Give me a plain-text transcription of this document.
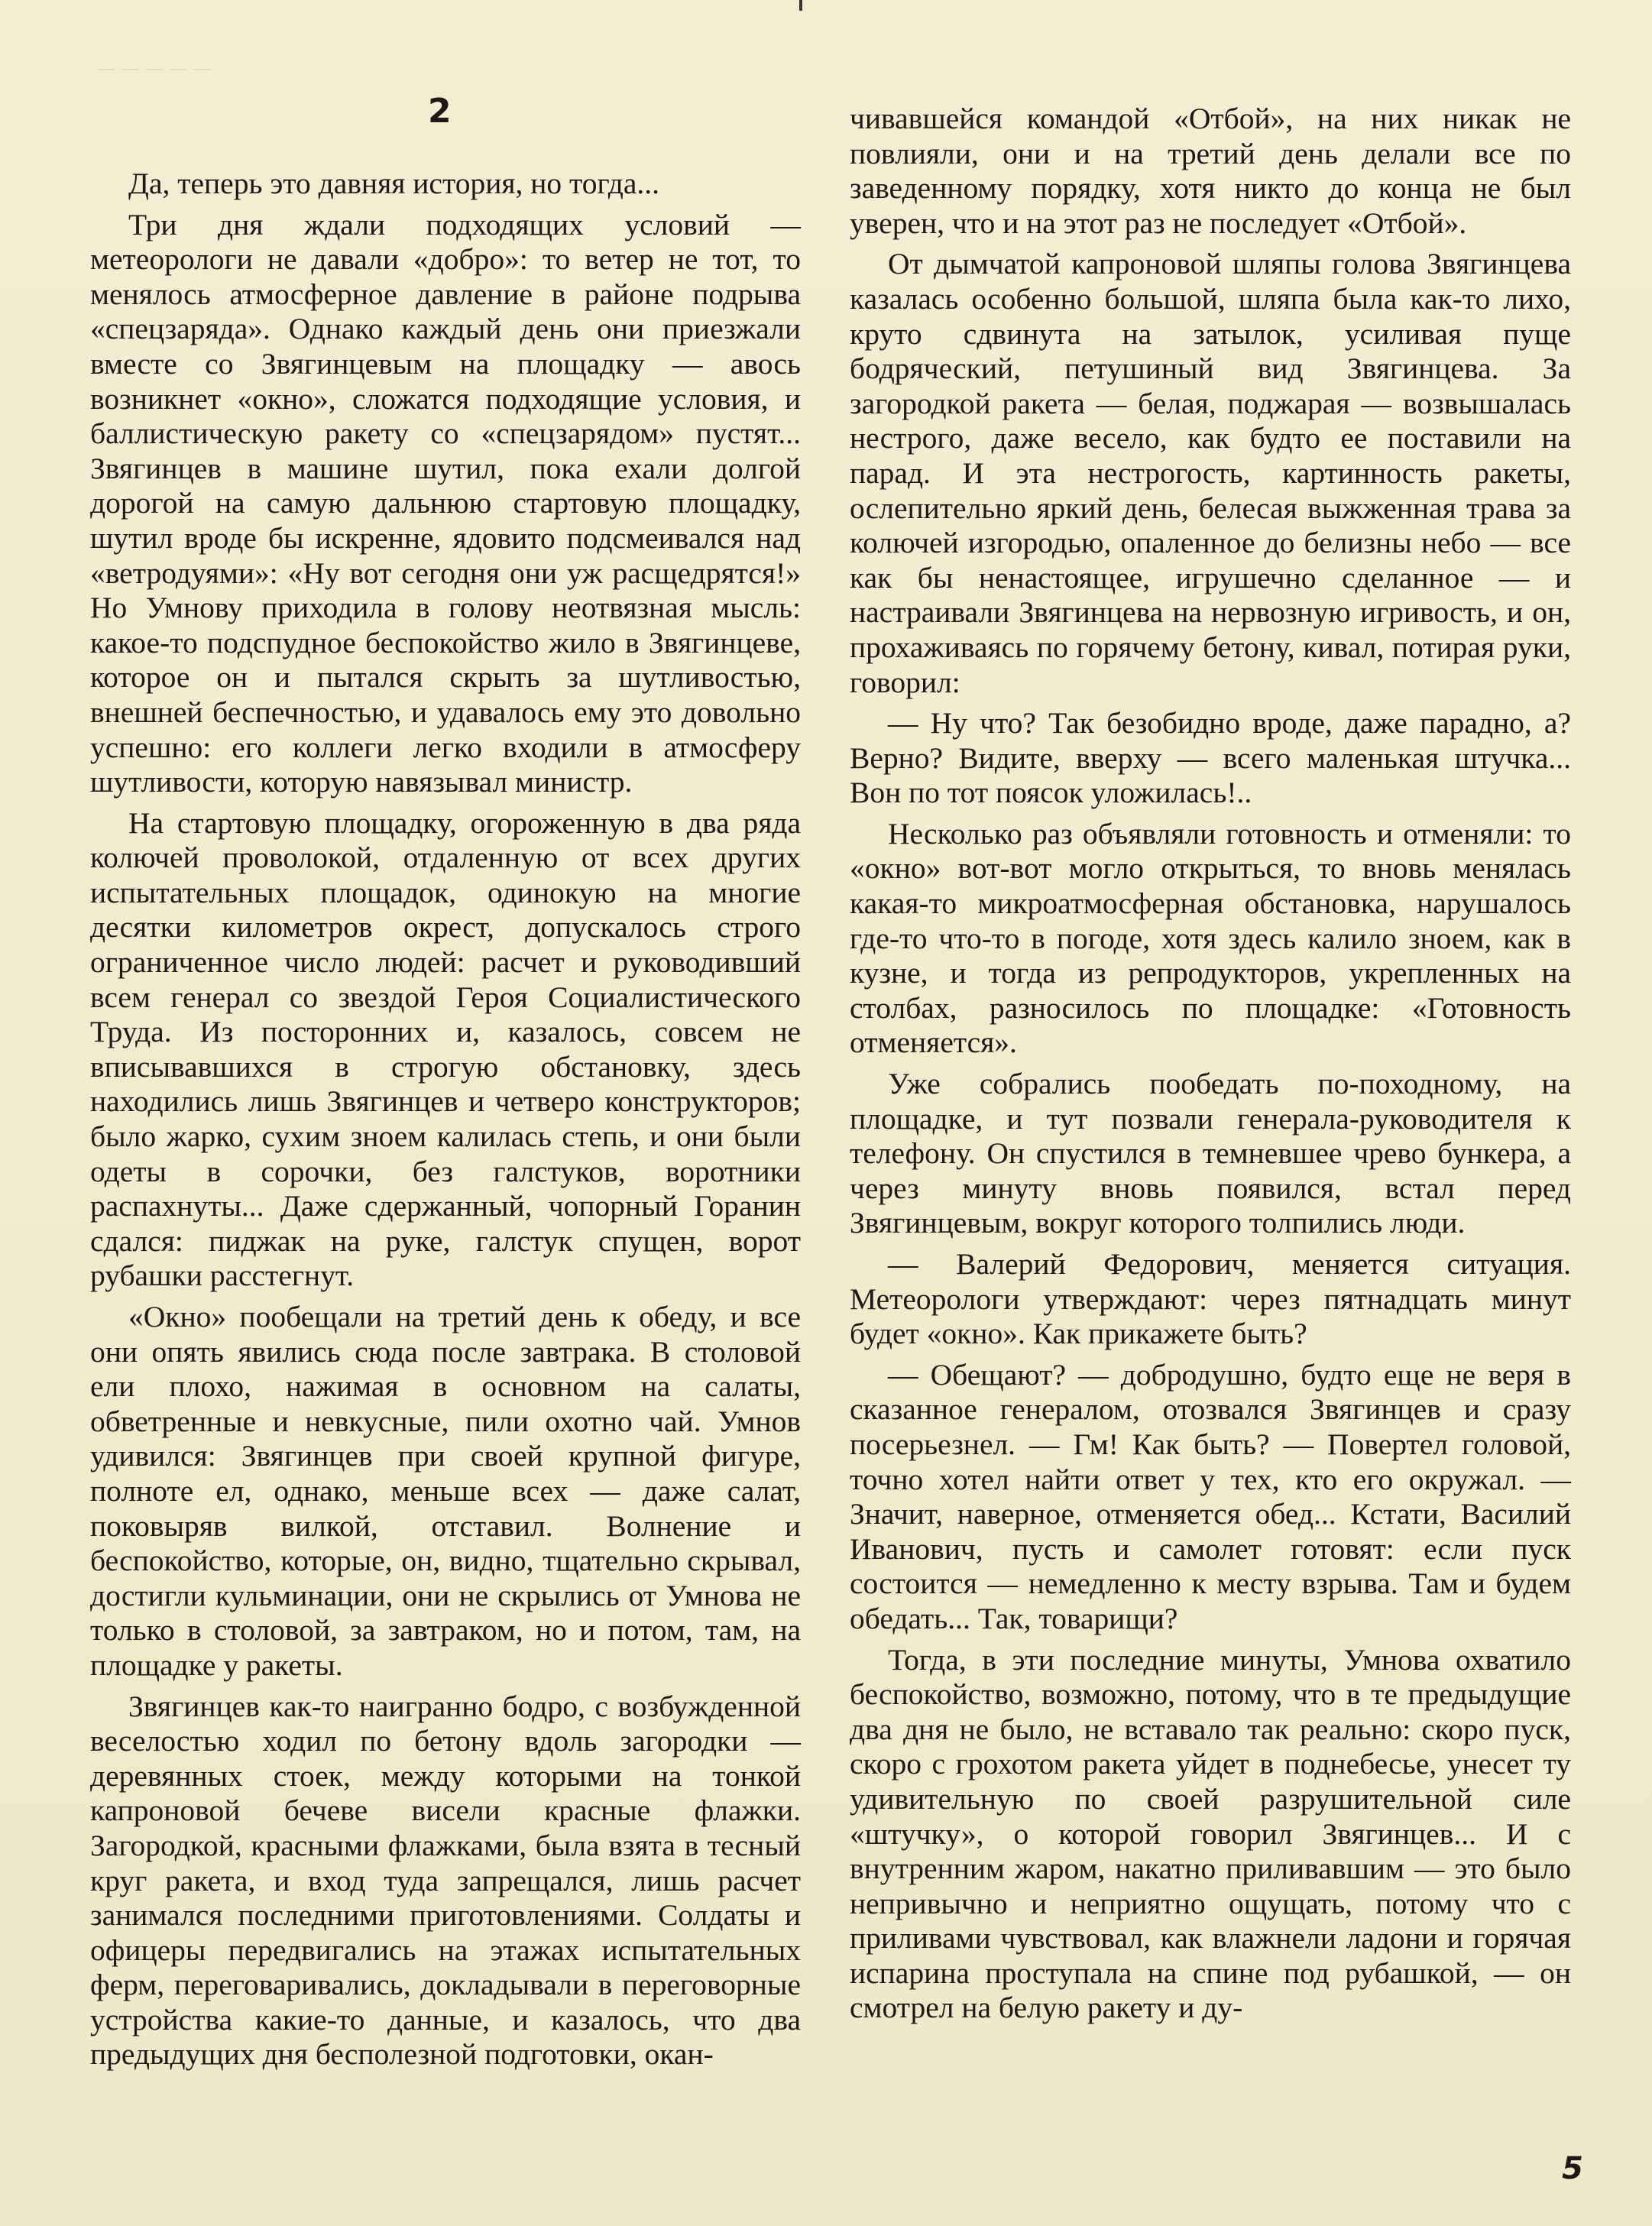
— — — — —
2

Да, теперь это давняя история, но тогда...

Три дня ждали подходящих условий — метеорологи не давали «добро»: то ветер не тот, то менялось атмосферное давление в районе подрыва «спецзаряда». Однако каждый день они приезжали вместе со Звягинцевым на площадку — авось возникнет «окно», сложатся подходящие условия, и баллистическую ракету со «спецзарядом» пустят... Звягинцев в машине шутил, пока ехали долгой дорогой на самую дальнюю стартовую площадку, шутил вроде бы искренне, ядовито подсмеивался над «ветродуями»: «Ну вот сегодня они уж расщедрятся!» Но Умнову приходила в голову неотвязная мысль: какое-то подспудное беспокойство жило в Звягинцеве, которое он и пытался скрыть за шутливостью, внешней беспечностью, и удавалось ему это довольно успешно: его коллеги легко входили в атмосферу шутливости, которую навязывал министр.

На стартовую площадку, огороженную в два ряда колючей проволокой, отдаленную от всех других испытательных площадок, одинокую на многие десятки километров окрест, допускалось строго ограниченное число людей: расчет и руководивший всем генерал со звездой Героя Социалистического Труда. Из посторонних и, казалось, совсем не вписывавшихся в строгую обстановку, здесь находились лишь Звягинцев и четверо конструкторов; было жарко, сухим зноем калилась степь, и они были одеты в сорочки, без галстуков, воротники распахнуты... Даже сдержанный, чопорный Горанин сдался: пиджак на руке, галстук спущен, ворот рубашки расстегнут.

«Окно» пообещали на третий день к обеду, и все они опять явились сюда после завтрака. В столовой ели плохо, нажимая в основном на салаты, обветренные и невкусные, пили охотно чай. Умнов удивился: Звягинцев при своей крупной фигуре, полноте ел, однако, меньше всех — даже салат, поковыряв вилкой, отставил. Волнение и беспокойство, которые, он, видно, тщательно скрывал, достигли кульминации, они не скрылись от Умнова не только в столовой, за завтраком, но и потом, там, на площадке у ракеты.

Звягинцев как-то наигранно бодро, с возбужденной веселостью ходил по бетону вдоль загородки — деревянных стоек, между которыми на тонкой капроновой бечеве висели красные флажки. Загородкой, красными флажками, была взята в тесный круг ракета, и вход туда запрещался, лишь расчет занимался последними приготовлениями. Солдаты и офицеры передвигались на этажах испытательных ферм, переговаривались, докладывали в переговорные устройства какие-то данные, и казалось, что два предыдущих дня бесполезной подготовки, окан-

чивавшейся командой «Отбой», на них никак не повлияли, они и на третий день делали все по заведенному порядку, хотя никто до конца не был уверен, что и на этот раз не последует «Отбой».

От дымчатой капроновой шляпы голова Звягинцева казалась особенно большой, шляпа была как-то лихо, круто сдвинута на затылок, усиливая пуще бодряческий, петушиный вид Звягинцева. За загородкой ракета — белая, поджарая — возвышалась нестрого, даже весело, как будто ее поставили на парад. И эта нестрогость, картинность ракеты, ослепительно яркий день, белесая выжженная трава за колючей изгородью, опаленное до белизны небо — все как бы ненастоящее, игрушечно сделанное — и настраивали Звягинцева на нервозную игривость, и он, прохаживаясь по горячему бетону, кивал, потирая руки, говорил:

— Ну что? Так безобидно вроде, даже парадно, а? Верно? Видите, вверху — всего маленькая штучка... Вон по тот поясок уложилась!..

Несколько раз объявляли готовность и отменяли: то «окно» вот-вот могло открыться, то вновь менялась какая-то микроатмосферная обстановка, нарушалось где-то что-то в погоде, хотя здесь калило зноем, как в кузне, и тогда из репродукторов, укрепленных на столбах, разносилось по площадке: «Готовность отменяется».

Уже собрались пообедать по-походному, на площадке, и тут позвали генерала-руководителя к телефону. Он спустился в темневшее чрево бункера, а через минуту вновь появился, встал перед Звягинцевым, вокруг которого толпились люди.

— Валерий Федорович, меняется ситуация. Метеорологи утверждают: через пятнадцать минут будет «окно». Как прикажете быть?

— Обещают? — добродушно, будто еще не веря в сказанное генералом, отозвался Звягинцев и сразу посерьезнел. — Гм! Как быть? — Повертел головой, точно хотел найти ответ у тех, кто его окружал. — Значит, наверное, отменяется обед... Кстати, Василий Иванович, пусть и самолет готовят: если пуск состоится — немедленно к месту взрыва. Там и будем обедать... Так, товарищи?

Тогда, в эти последние минуты, Умнова охватило беспокойство, возможно, потому, что в те предыдущие два дня не было, не вставало так реально: скоро пуск, скоро с грохотом ракета уйдет в поднебесье, унесет ту удивительную по своей разрушительной силе «штучку», о которой говорил Звягинцев... И с внутренним жаром, накатно приливавшим — это было непривычно и неприятно ощущать, потому что с приливами чувствовал, как влажнели ладони и горячая испарина проступала на спине под рубашкой, — он смотрел на белую ракету и ду-

5
